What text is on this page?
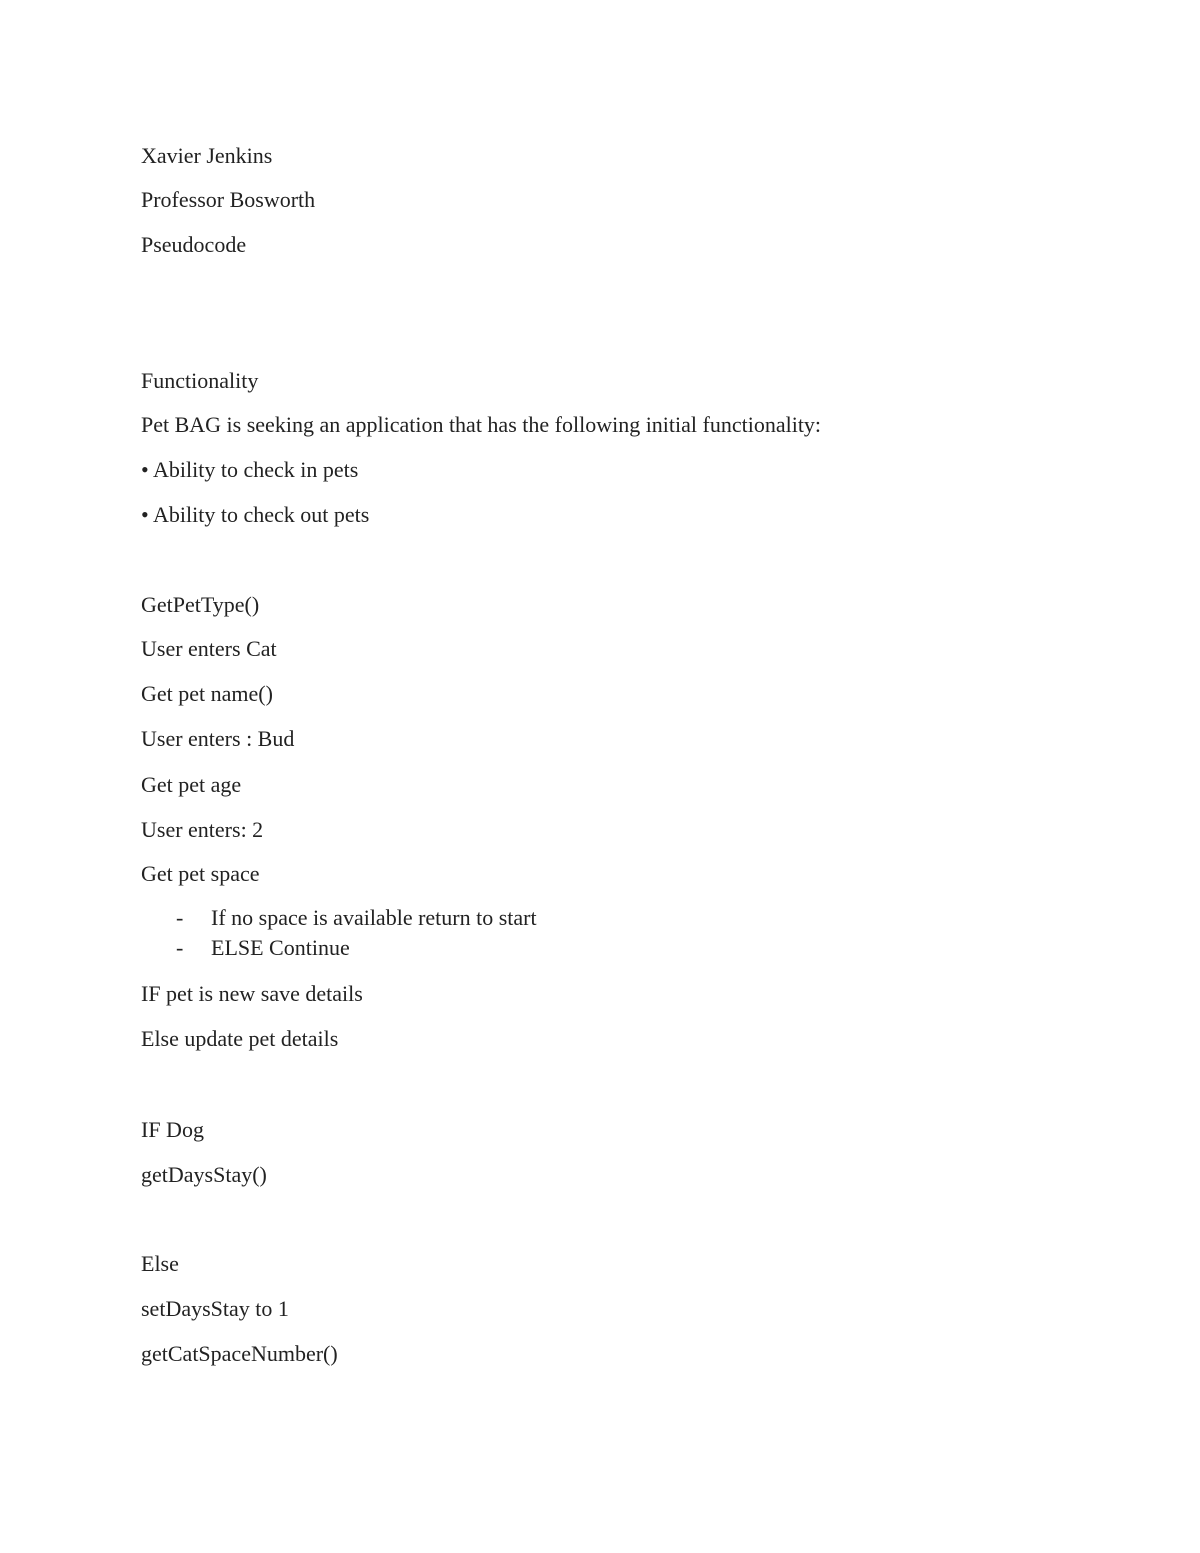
Xavier Jenkins

Professor Bosworth

Pseudocode

Functionality

Pet BAG is seeking an application that has the following initial functionality:

• Ability to check in pets

• Ability to check out pets

GetPetType()

User enters Cat

Get pet name()

User enters : Bud

Get pet age

User enters: 2

Get pet space

- If no space is available return to start
- ELSE Continue

IF pet is new save details

Else update pet details

IF Dog

getDaysStay()

Else

setDaysStay to 1

getCatSpaceNumber()
